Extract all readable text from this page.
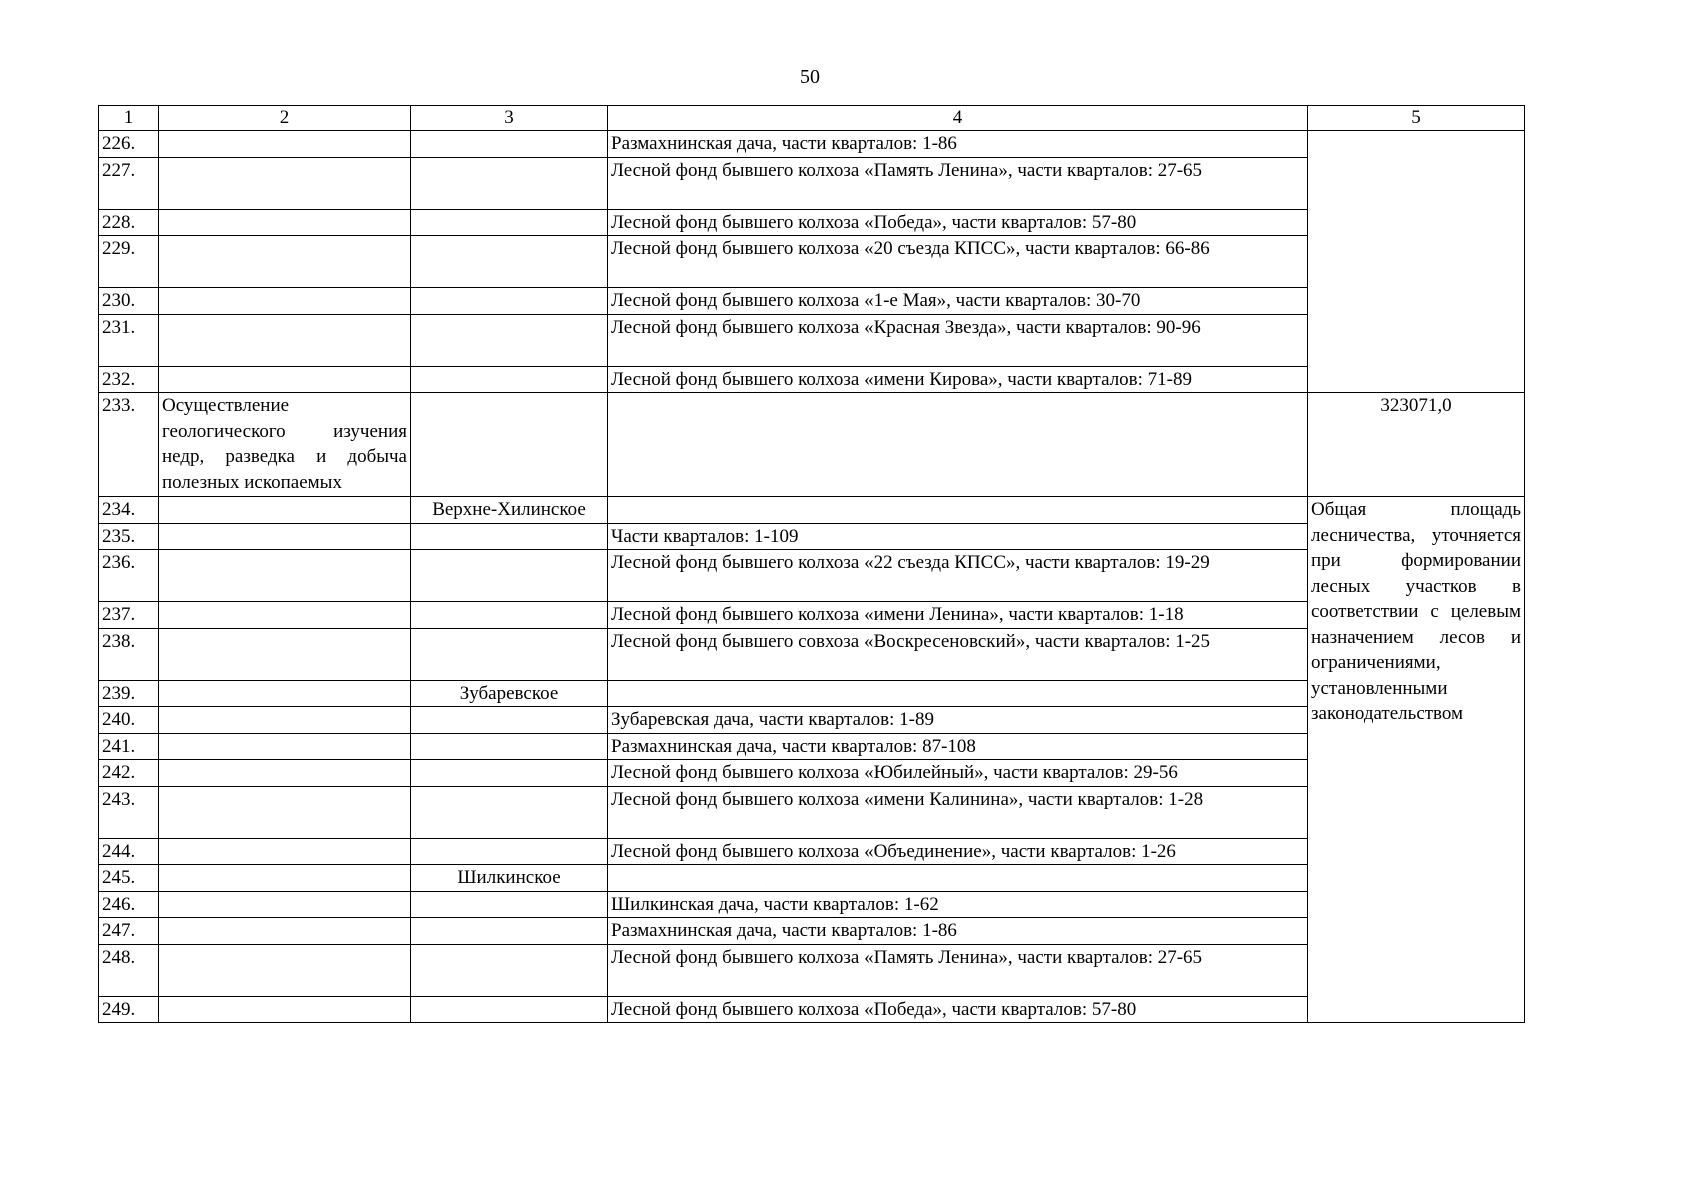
50
1	2	3	4	5
226.			Размахнинская дача, части кварталов: 1-86	
227.			Лесной фонд бывшего колхоза «Память Ленина», части кварталов: 27-65	
228.			Лесной фонд бывшего колхоза «Победа», части кварталов: 57-80	
229.			Лесной фонд бывшего колхоза «20 съезда КПСС», части кварталов: 66-86	
230.			Лесной фонд бывшего колхоза «1-е Мая», части кварталов: 30-70	
231.			Лесной фонд бывшего колхоза «Красная Звезда», части кварталов: 90-96	
232.			Лесной фонд бывшего колхоза «имени Кирова», части кварталов: 71-89	
233.	Осуществление геологического изучения недр, разведка и добыча полезных ископаемых			323071,0
234.		Верхне-Хилинское		Общая площадь лесничества, уточняется при формировании лесных участков в соответствии с целевым назначением лесов и ограничениями, установленными законодательством
235.			Части кварталов: 1-109	
236.			Лесной фонд бывшего колхоза «22 съезда КПСС», части кварталов: 19-29	
237.			Лесной фонд бывшего колхоза «имени Ленина», части кварталов: 1-18	
238.			Лесной фонд бывшего совхоза «Воскресеновский», части кварталов: 1-25	
239.		Зубаревское		
240.			Зубаревская дача, части кварталов: 1-89	
241.			Размахнинская дача, части кварталов: 87-108	
242.			Лесной фонд бывшего колхоза «Юбилейный», части кварталов: 29-56	
243.			Лесной фонд бывшего колхоза «имени Калинина», части кварталов: 1-28	
244.			Лесной фонд бывшего колхоза «Объединение», части кварталов: 1-26	
245.		Шилкинское		
246.			Шилкинская дача, части кварталов: 1-62	
247.			Размахнинская дача, части кварталов: 1-86	
248.			Лесной фонд бывшего колхоза «Память Ленина», части кварталов: 27-65	
249.			Лесной фонд бывшего колхоза «Победа», части кварталов: 57-80	
